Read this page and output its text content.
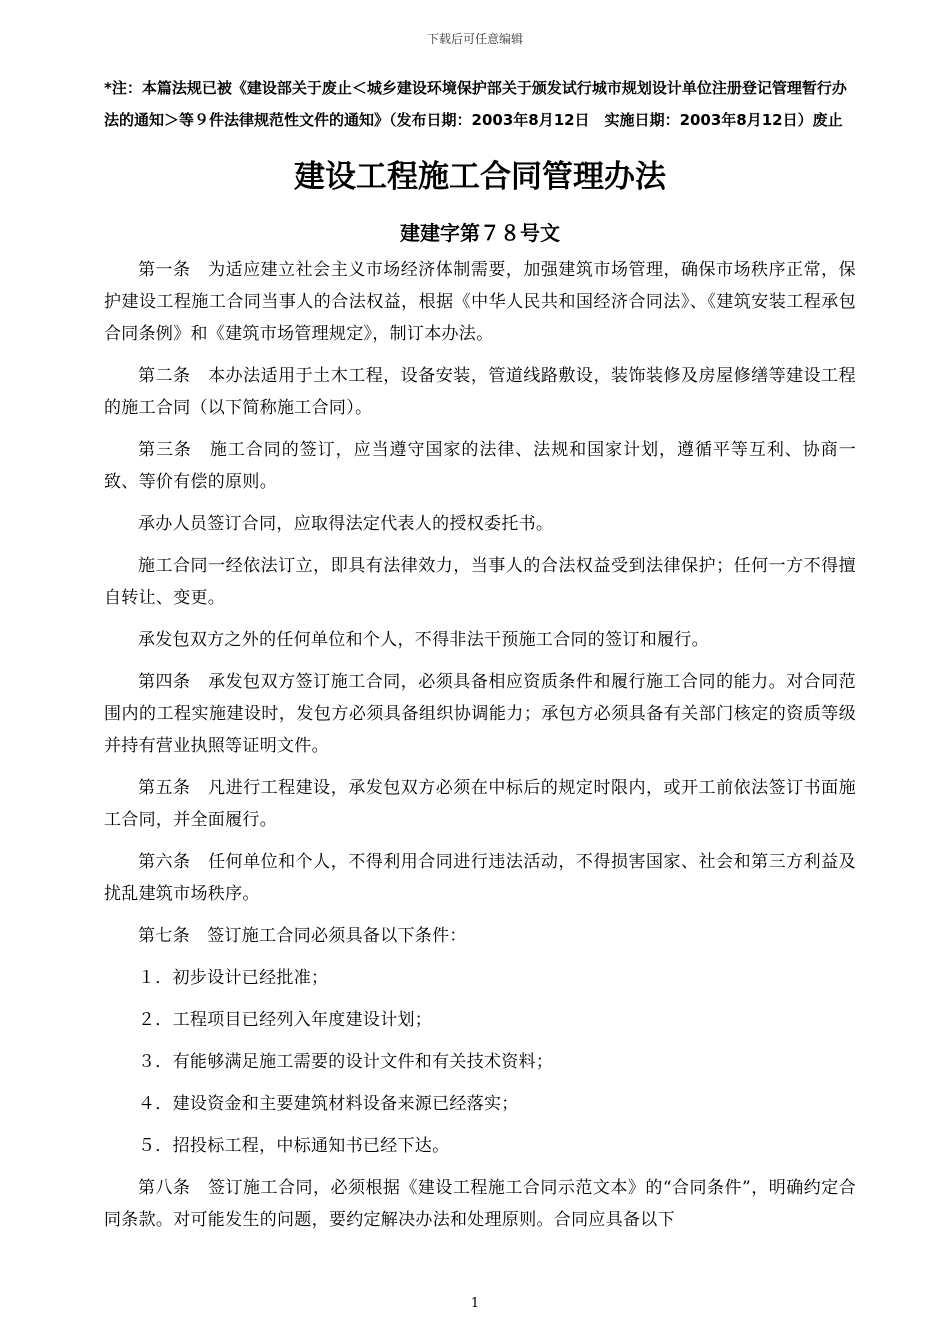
下载后可任意编辑

*注：本篇法规已被《建设部关于废止＜城乡建设环境保护部关于颁发试行城市规划设计单位注册登记管理暂行办法的通知＞等９件法律规范性文件的通知》（发布日期：2003年8月12日　实施日期：2003年8月12日）废止

建设工程施工合同管理办法
建建字第７８号文

第一条　为适应建立社会主义市场经济体制需要，加强建筑市场管理，确保市场秩序正常，保护建设工程施工合同当事人的合法权益，根据《中华人民共和国经济合同法》、《建筑安装工程承包合同条例》和《建筑市场管理规定》，制订本办法。

第二条　本办法适用于土木工程，设备安装，管道线路敷设，装饰装修及房屋修缮等建设工程的施工合同（以下简称施工合同）。

第三条　施工合同的签订，应当遵守国家的法律、法规和国家计划，遵循平等互利、协商一致、等价有偿的原则。

承办人员签订合同，应取得法定代表人的授权委托书。

施工合同一经依法订立，即具有法律效力，当事人的合法权益受到法律保护；任何一方不得擅自转让、变更。

承发包双方之外的任何单位和个人，不得非法干预施工合同的签订和履行。

第四条　承发包双方签订施工合同，必须具备相应资质条件和履行施工合同的能力。对合同范围内的工程实施建设时，发包方必须具备组织协调能力；承包方必须具备有关部门核定的资质等级并持有营业执照等证明文件。

第五条　凡进行工程建设，承发包双方必须在中标后的规定时限内，或开工前依法签订书面施工合同，并全面履行。

第六条　任何单位和个人，不得利用合同进行违法活动，不得损害国家、社会和第三方利益及扰乱建筑市场秩序。

第七条　签订施工合同必须具备以下条件：

１．初步设计已经批准；

２．工程项目已经列入年度建设计划；

３．有能够满足施工需要的设计文件和有关技术资料；

４．建设资金和主要建筑材料设备来源已经落实；

５．招投标工程，中标通知书已经下达。

第八条　签订施工合同，必须根据《建设工程施工合同示范文本》的“合同条件”，明确约定合同条款。对可能发生的问题，要约定解决办法和处理原则。合同应具备以下

1
